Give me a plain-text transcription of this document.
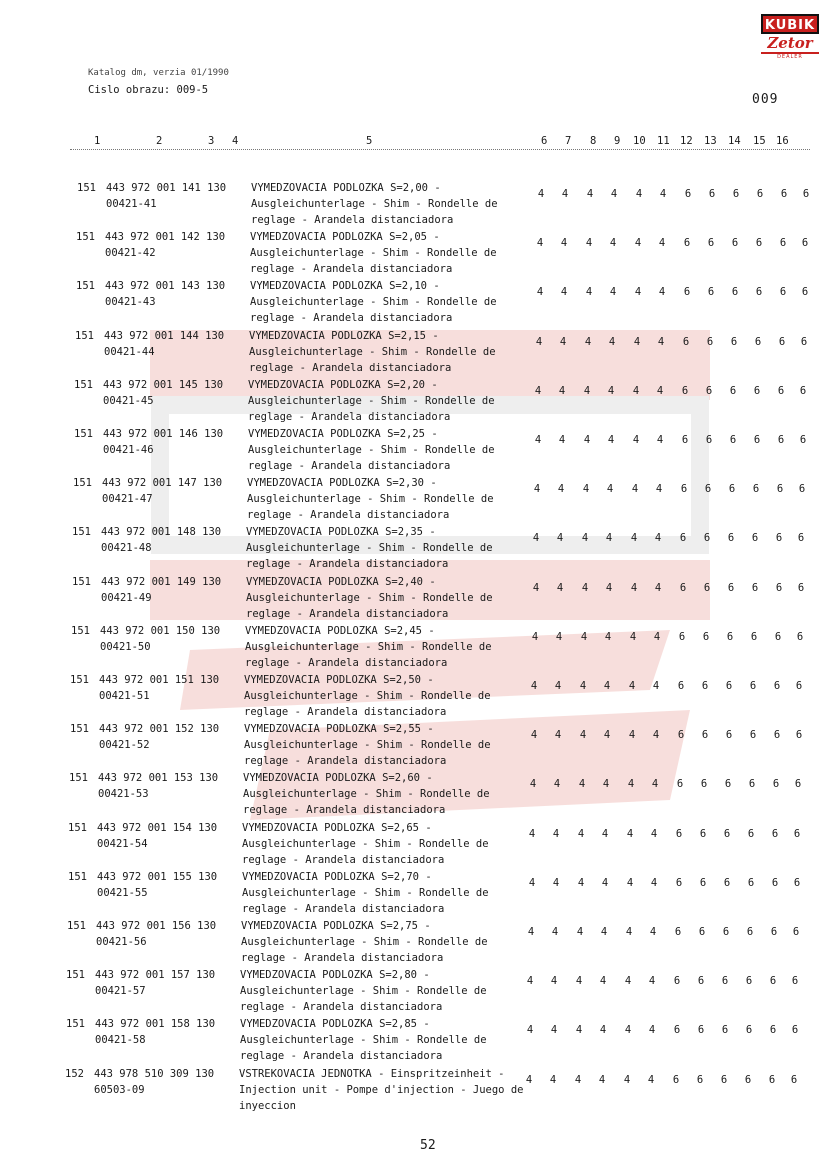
KUBIK
Zetor
DEALER
Katalog dm, verzia 01/1990
Cislo obrazu: 009-5
009
1	2	3 4	5	6 7 8 9 10 11 12 13 14 15 16
151 443 972 001 141 130
00421-41
VYMEDZOVACIA PODLOZKA S=2,00 -
Ausgleichunterlage - Shim - Rondelle de
reglage - Arandela distanciadora
4 4 4 4 4 4 6 6 6 6 6 6
151 443 972 001 142 130
00421-42
VYMEDZOVACIA PODLOZKA S=2,05 -
Ausgleichunterlage - Shim - Rondelle de
reglage - Arandela distanciadora
4 4 4 4 4 4 6 6 6 6 6 6
151 443 972 001 143 130
00421-43
VYMEDZOVACIA PODLOZKA S=2,10 -
Ausgleichunterlage - Shim - Rondelle de
reglage - Arandela distanciadora
4 4 4 4 4 4 6 6 6 6 6 6
151 443 972 001 144 130
00421-44
VYMEDZOVACIA PODLOZKA S=2,15 -
Ausgleichunterlage - Shim - Rondelle de
reglage - Arandela distanciadora
4 4 4 4 4 4 6 6 6 6 6 6
151 443 972 001 145 130
00421-45
VYMEDZOVACIA PODLOZKA S=2,20 -
Ausgleichunterlage - Shim - Rondelle de
reglage - Arandela distanciadora
4 4 4 4 4 4 6 6 6 6 6 6
151 443 972 001 146 130
00421-46
VYMEDZOVACIA PODLOZKA S=2,25 -
Ausgleichunterlage - Shim - Rondelle de
reglage - Arandela distanciadora
4 4 4 4 4 4 6 6 6 6 6 6
151 443 972 001 147 130
00421-47
VYMEDZOVACIA PODLOZKA S=2,30 -
Ausgleichunterlage - Shim - Rondelle de
reglage - Arandela distanciadora
4 4 4 4 4 4 6 6 6 6 6 6
151 443 972 001 148 130
00421-48
VYMEDZOVACIA PODLOZKA S=2,35 -
Ausgleichunterlage - Shim - Rondelle de
reglage - Arandela distanciadora
4 4 4 4 4 4 6 6 6 6 6 6
151 443 972 001 149 130
00421-49
VYMEDZOVACIA PODLOZKA S=2,40 -
Ausgleichunterlage - Shim - Rondelle de
reglage - Arandela distanciadora
4 4 4 4 4 4 6 6 6 6 6 6
151 443 972 001 150 130
00421-50
VYMEDZOVACIA PODLOZKA S=2,45 -
Ausgleichunterlage - Shim - Rondelle de
reglage - Arandela distanciadora
4 4 4 4 4 4 6 6 6 6 6 6
151 443 972 001 151 130
00421-51
VYMEDZOVACIA PODLOZKA S=2,50 -
Ausgleichunterlage - Shim - Rondelle de
reglage - Arandela distanciadora
4 4 4 4 4 4 6 6 6 6 6 6
151 443 972 001 152 130
00421-52
VYMEDZOVACIA PODLOZKA S=2,55 -
Ausgleichunterlage - Shim - Rondelle de
reglage - Arandela distanciadora
4 4 4 4 4 4 6 6 6 6 6 6
151 443 972 001 153 130
00421-53
VYMEDZOVACIA PODLOZKA S=2,60 -
Ausgleichunterlage - Shim - Rondelle de
reglage - Arandela distanciadora
4 4 4 4 4 4 6 6 6 6 6 6
151 443 972 001 154 130
00421-54
VYMEDZOVACIA PODLOZKA S=2,65 -
Ausgleichunterlage - Shim - Rondelle de
reglage - Arandela distanciadora
4 4 4 4 4 4 6 6 6 6 6 6
151 443 972 001 155 130
00421-55
VYMEDZOVACIA PODLOZKA S=2,70 -
Ausgleichunterlage - Shim - Rondelle de
reglage - Arandela distanciadora
4 4 4 4 4 4 6 6 6 6 6 6
151 443 972 001 156 130
00421-56
VYMEDZOVACIA PODLOZKA S=2,75 -
Ausgleichunterlage - Shim - Rondelle de
reglage - Arandela distanciadora
4 4 4 4 4 4 6 6 6 6 6 6
151 443 972 001 157 130
00421-57
VYMEDZOVACIA PODLOZKA S=2,80 -
Ausgleichunterlage - Shim - Rondelle de
reglage - Arandela distanciadora
4 4 4 4 4 4 6 6 6 6 6 6
151 443 972 001 158 130
00421-58
VYMEDZOVACIA PODLOZKA S=2,85 -
Ausgleichunterlage - Shim - Rondelle de
reglage - Arandela distanciadora
4 4 4 4 4 4 6 6 6 6 6 6
152 443 978 510 309 130
60503-09
VSTREKOVACIA JEDNOTKA - Einspritzeinheit -
Injection unit - Pompe d'injection - Juego de
inyeccion
4 4 4 4 4 4 6 6 6 6 6 6
52
